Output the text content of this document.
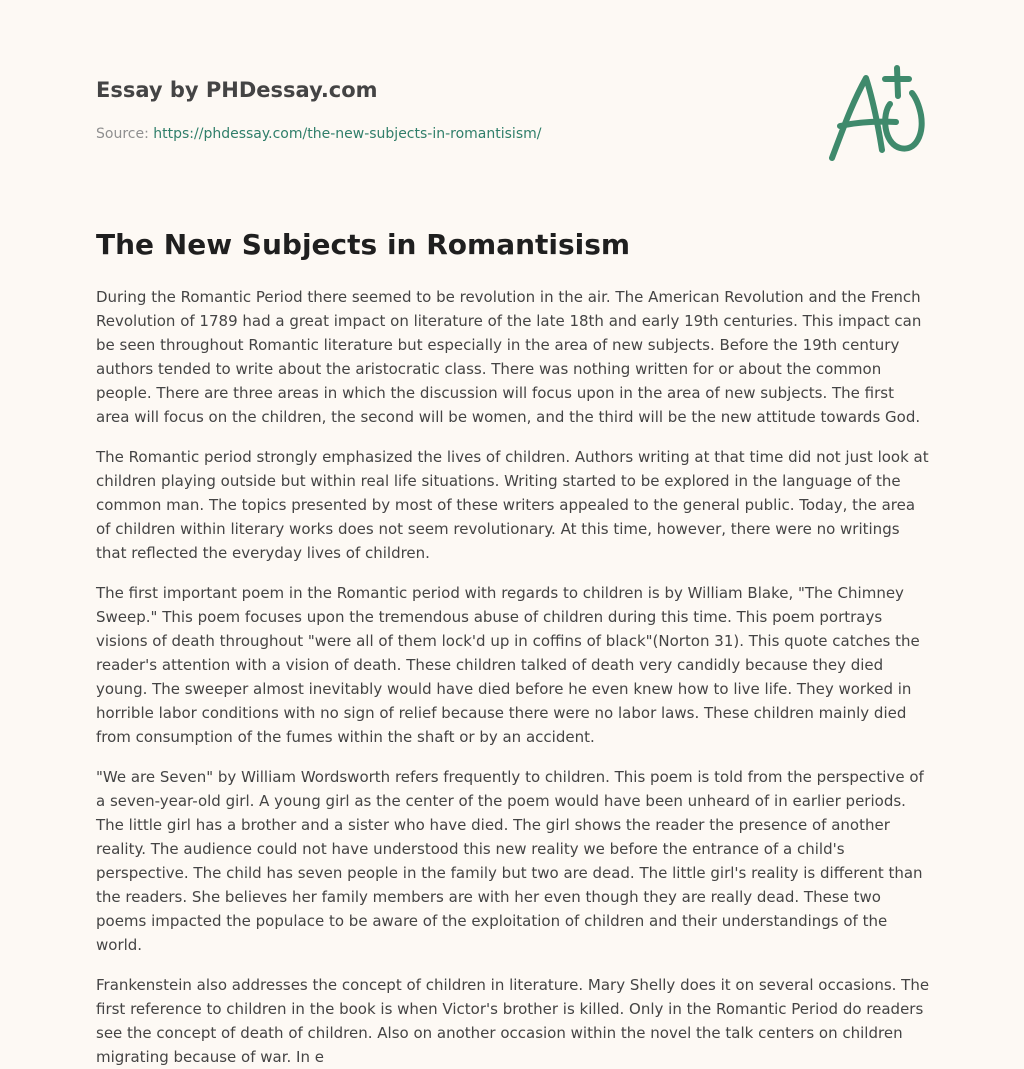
Essay by PHDessay.com
Source: https://phdessay.com/the-new-subjects-in-romantisism/
The New Subjects in Romantisism

During the Romantic Period there seemed to be revolution in the air. The American Revolution and the French Revolution of 1789 had a great impact on literature of the late 18th and early 19th centuries. This impact can be seen throughout Romantic literature but especially in the area of new subjects. Before the 19th century authors tended to write about the aristocratic class. There was nothing written for or about the common people. There are three areas in which the discussion will focus upon in the area of new subjects. The first area will focus on the children, the second will be women, and the third will be the new attitude towards God.

The Romantic period strongly emphasized the lives of children. Authors writing at that time did not just look at children playing outside but within real life situations. Writing started to be explored in the language of the common man. The topics presented by most of these writers appealed to the general public. Today, the area of children within literary works does not seem revolutionary. At this time, however, there were no writings that reflected the everyday lives of children.

The first important poem in the Romantic period with regards to children is by William Blake, "The Chimney Sweep." This poem focuses upon the tremendous abuse of children during this time. This poem portrays visions of death throughout "were all of them lock'd up in coffins of black"(Norton 31). This quote catches the reader's attention with a vision of death. These children talked of death very candidly because they died young. The sweeper almost inevitably would have died before he even knew how to live life. They worked in horrible labor conditions with no sign of relief because there were no labor laws. These children mainly died from consumption of the fumes within the shaft or by an accident.

"We are Seven" by William Wordsworth refers frequently to children. This poem is told from the perspective of a seven-year-old girl. A young girl as the center of the poem would have been unheard of in earlier periods. The little girl has a brother and a sister who have died. The girl shows the reader the presence of another reality. The audience could not have understood this new reality we before the entrance of a child's perspective. The child has seven people in the family but two are dead. The little girl's reality is different than the readers. She believes her family members are with her even though they are really dead. These two poems impacted the populace to be aware of the exploitation of children and their understandings of the world.

Frankenstein also addresses the concept of children in literature. Mary Shelly does it on several occasions. The first reference to children in the book is when Victor's brother is killed. Only in the Romantic Period do readers see the concept of death of children. Also on another occasion within the novel the talk centers on children migrating because of war. In e
